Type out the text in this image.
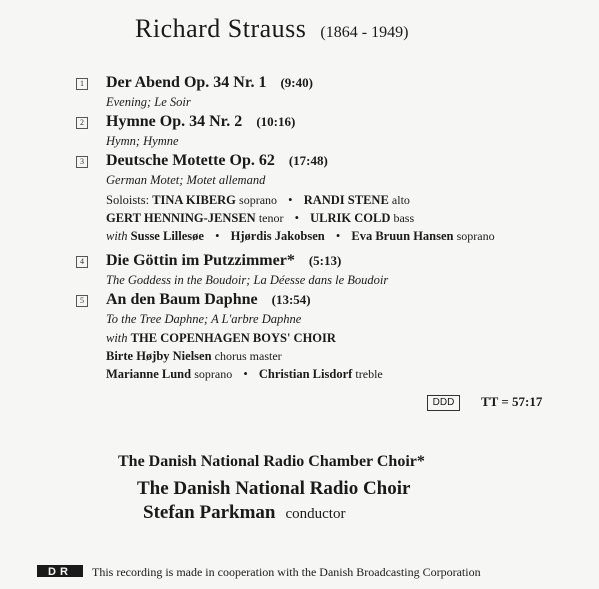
Richard Strauss (1864 - 1949)
1 Der Abend Op. 34 Nr. 1 (9:40)
Evening; Le Soir
2 Hymne Op. 34 Nr. 2 (10:16)
Hymn; Hymne
3 Deutsche Motette Op. 62 (17:48)
German Motet; Motet allemand
Soloists: TINA KIBERG soprano • RANDI STENE alto
GERT HENNING-JENSEN tenor • ULRIK COLD bass
with Susse Lillesøe • Hjørdis Jakobsen • Eva Bruun Hansen soprano
4 Die Göttin im Putzzimmer* (5:13)
The Goddess in the Boudoir; La Déesse dans le Boudoir
5 An den Baum Daphne (13:54)
To the Tree Daphne; A L'arbre Daphne
with THE COPENHAGEN BOYS' CHOIR
Birte Højby Nielsen chorus master
Marianne Lund soprano • Christian Lisdorf treble
DDD	TT = 57:17
The Danish National Radio Chamber Choir*
The Danish National Radio Choir
Stefan Parkman conductor
DR This recording is made in cooperation with the Danish Broadcasting Corporation
